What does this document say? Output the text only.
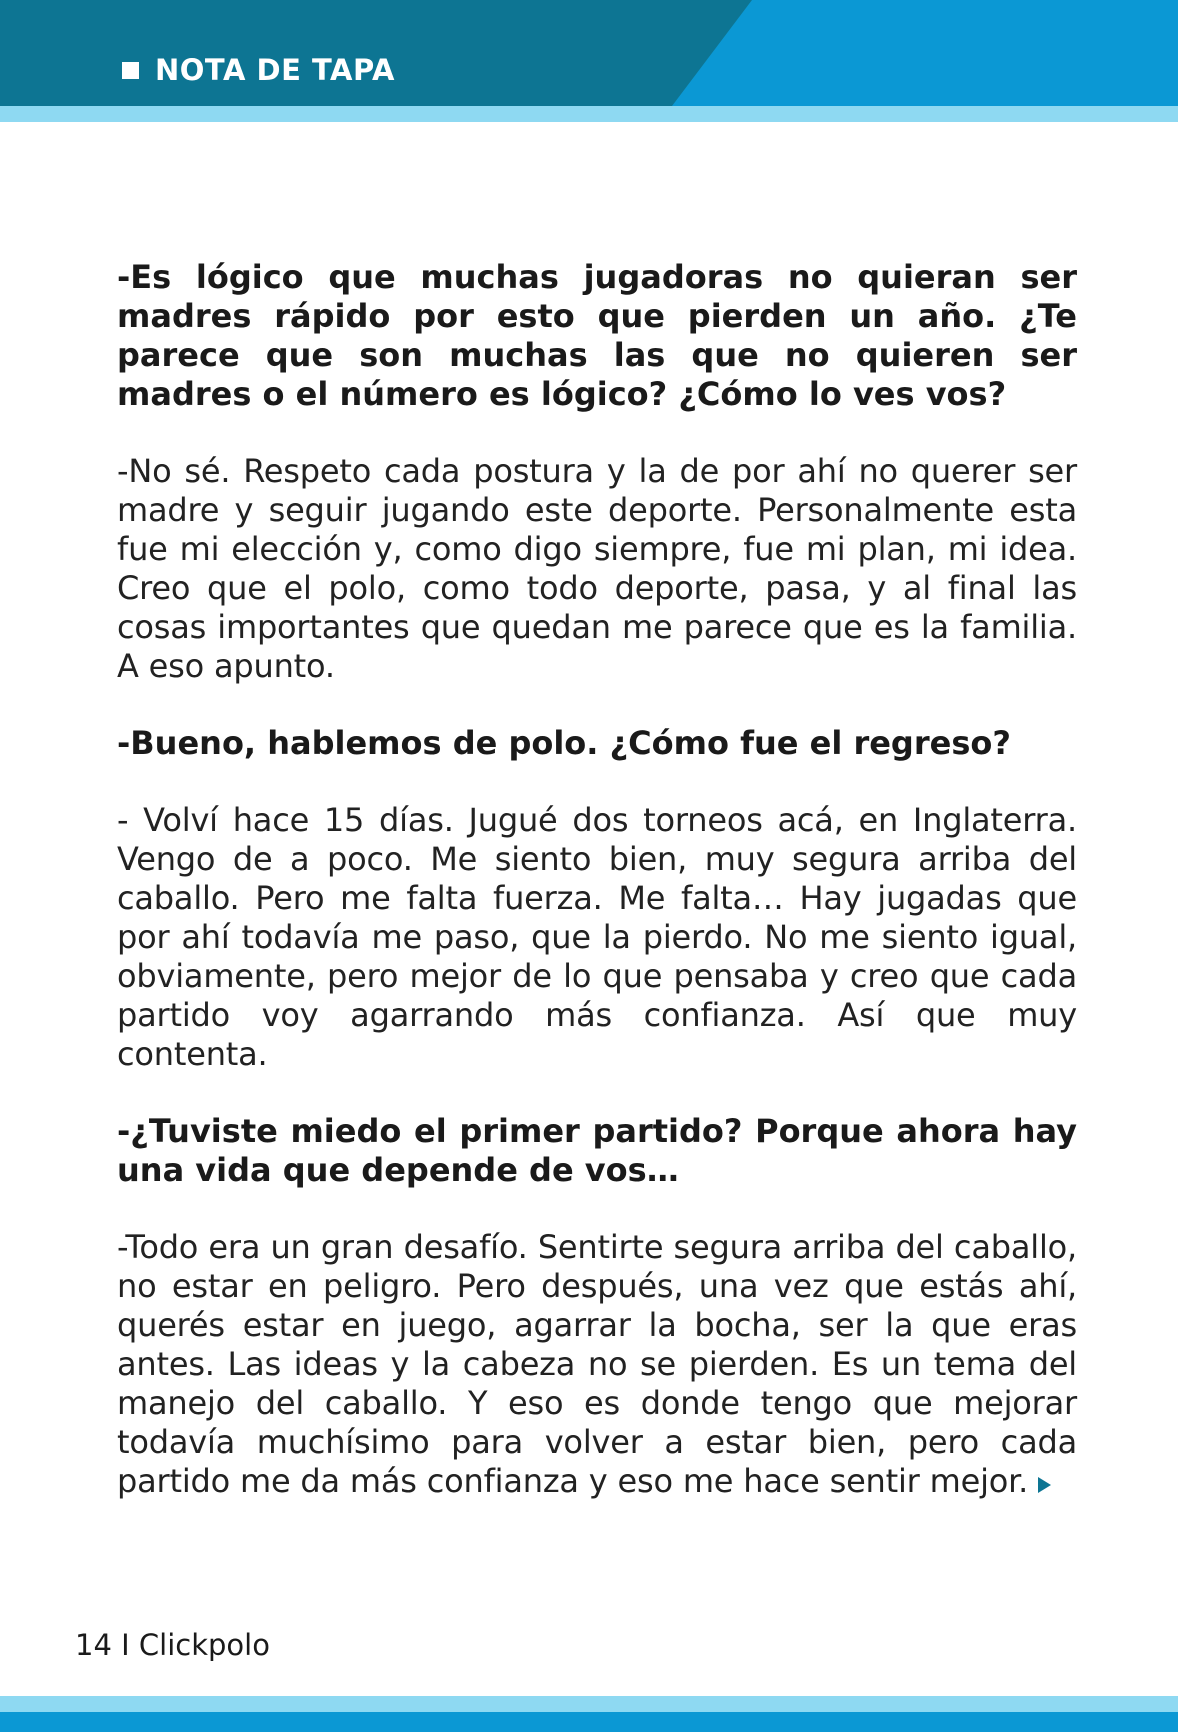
NOTA DE TAPA

-Es lógico que muchas jugadoras no quieran ser madres rápido por esto que pierden un año. ¿Te parece que son muchas las que no quieren ser madres o el número es lógico? ¿Cómo lo ves vos?

-No sé. Respeto cada postura y la de por ahí no querer ser madre y seguir jugando este deporte. Personalmente esta fue mi elección y, como digo siempre, fue mi plan, mi idea. Creo que el polo, como todo deporte, pasa, y al final las cosas importantes que quedan me parece que es la familia. A eso apunto.

-Bueno, hablemos de polo. ¿Cómo fue el regreso?

- Volví hace 15 días. Jugué dos torneos acá, en Inglaterra. Vengo de a poco. Me siento bien, muy segura arriba del caballo. Pero me falta fuerza. Me falta… Hay jugadas que por ahí todavía me paso, que la pierdo. No me siento igual, obviamente, pero mejor de lo que pensaba y creo que cada partido voy agarrando más confianza. Así que muy contenta.

-¿Tuviste miedo el primer partido? Porque ahora hay una vida que depende de vos…

-Todo era un gran desafío. Sentirte segura arriba del caballo, no estar en peligro. Pero después, una vez que estás ahí, querés estar en juego, agarrar la bocha, ser la que eras antes. Las ideas y la cabeza no se pierden. Es un tema del manejo del caballo. Y eso es donde tengo que mejorar todavía muchísimo para volver a estar bien, pero cada partido me da más confianza y eso me hace sentir mejor.

14 I Clickpolo
